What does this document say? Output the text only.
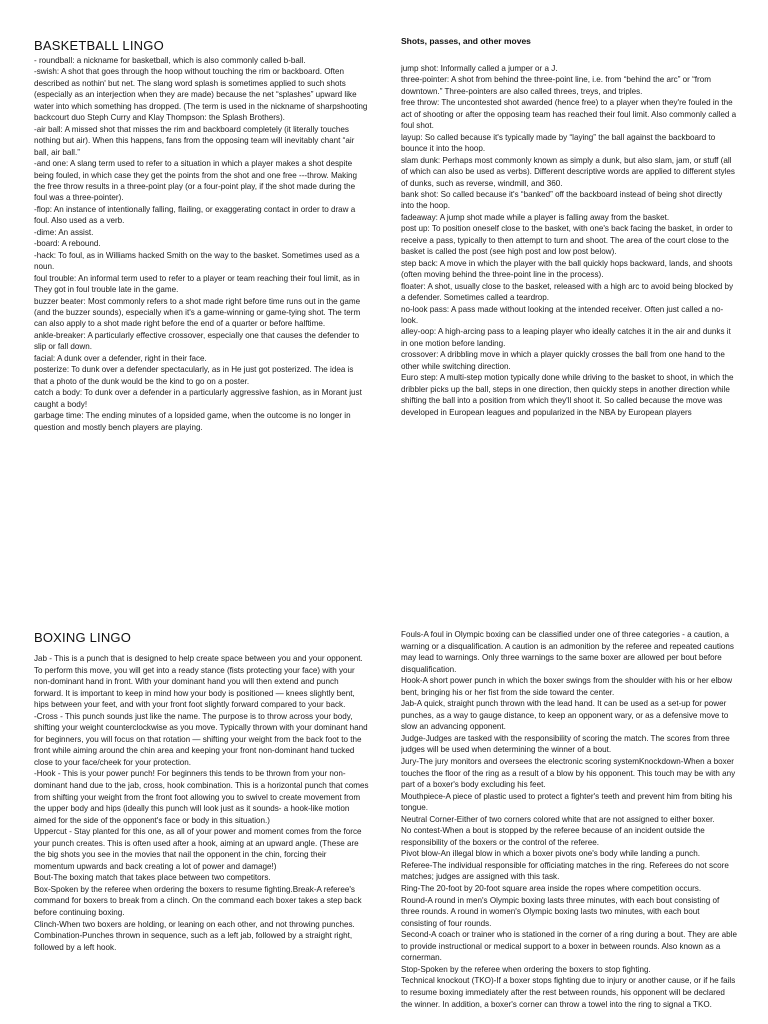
BASKETBALL LINGO

- roundball: a nickname for basketball, which is also commonly called b-ball.

-swish: A shot that goes through the hoop without touching the rim or backboard. Often described as nothin' but net. The slang word splash is sometimes applied to such shots (especially as an interjection when they are made) because the net “splashes” upward like water into which something has dropped. (The term is used in the nickname of sharpshooting backcourt duo Steph Curry and Klay Thompson: the Splash Brothers).

-air ball: A missed shot that misses the rim and backboard completely (it literally touches nothing but air). When this happens, fans from the opposing team will inevitably chant “air ball, air ball.”

-and one: A slang term used to refer to a situation in which a player makes a shot despite being fouled, in which case they get the points from the shot and one free ---throw. Making the free throw results in a three-point play (or a four-point play, if the shot made during the foul was a three-pointer).

-flop: An instance of intentionally falling, flailing, or exaggerating contact in order to draw a foul. Also used as a verb.

-dime: An assist.

-board: A rebound.

-hack: To foul, as in Williams hacked Smith on the way to the basket. Sometimes used as a noun.

foul trouble: An informal term used to refer to a player or team reaching their foul limit, as in They got in foul trouble late in the game.

buzzer beater: Most commonly refers to a shot made right before time runs out in the game (and the buzzer sounds), especially when it's a game-winning or game-tying shot. The term can also apply to a shot made right before the end of a quarter or before halftime.

ankle-breaker: A particularly effective crossover, especially one that causes the defender to slip or fall down.

facial: A dunk over a defender, right in their face.

posterize: To dunk over a defender spectacularly, as in He just got posterized. The idea is that a photo of the dunk would be the kind to go on a poster.

catch a body: To dunk over a defender in a particularly aggressive fashion, as in Morant just caught a body!

garbage time: The ending minutes of a lopsided game, when the outcome is no longer in question and mostly bench players are playing.

Shots, passes, and other moves

jump shot: Informally called a jumper or a J.

three-pointer: A shot from behind the three-point line, i.e. from “behind the arc” or “from downtown.” Three-pointers are also called threes, treys, and triples.

free throw: The uncontested shot awarded (hence free) to a player when they're fouled in the act of shooting or after the opposing team has reached their foul limit. Also commonly called a foul shot.

layup: So called because it's typically made by “laying” the ball against the backboard to bounce it into the hoop.

slam dunk: Perhaps most commonly known as simply a dunk, but also slam, jam, or stuff (all of which can also be used as verbs). Different descriptive words are applied to different styles of dunks, such as reverse, windmill, and 360.

bank shot: So called because it's “banked” off the backboard instead of being shot directly into the hoop.

fadeaway: A jump shot made while a player is falling away from the basket.

post up: To position oneself close to the basket, with one's back facing the basket, in order to receive a pass, typically to then attempt to turn and shoot. The area of the court close to the basket is called the post (see high post and low post below).

step back: A move in which the player with the ball quickly hops backward, lands, and shoots (often moving behind the three-point line in the process).

floater: A shot, usually close to the basket, released with a high arc to avoid being blocked by a defender. Sometimes called a teardrop.

no-look pass: A pass made without looking at the intended receiver. Often just called a no-look.

alley-oop: A high-arcing pass to a leaping player who ideally catches it in the air and dunks it in one motion before landing.

crossover: A dribbling move in which a player quickly crosses the ball from one hand to the other while switching direction.

Euro step: A multi-step motion typically done while driving to the basket to shoot, in which the dribbler picks up the ball, steps in one direction, then quickly steps in another direction while shifting the ball into a position from which they'll shoot it. So called because the move was developed in European leagues and popularized in the NBA by European players

BOXING LINGO

Jab - This is a punch that is designed to help create space between you and your opponent. To perform this move, you will get into a ready stance (fists protecting your face) with your non-dominant hand in front. With your dominant hand you will then extend and punch forward. It is important to keep in mind how your body is positioned — knees slightly bent, hips between your feet, and with your front foot slightly forward compared to your back.

-Cross - This punch sounds just like the name. The purpose is to throw across your body, shifting your weight counterclockwise as you move. Typically thrown with your dominant hand for beginners, you will focus on that rotation — shifting your weight from the back foot to the front while aiming around the chin area and keeping your front non-dominant hand tucked close to your face/cheek for your protection.

-Hook - This is your power punch! For beginners this tends to be thrown from your non-dominant hand due to the jab, cross, hook combination. This is a horizontal punch that comes from shifting your weight from the front foot allowing you to swivel to create movement from the upper body and hips (ideally this punch will look just as it sounds- a hook-like motion aimed for the side of the opponent's face or body in this situation.)

Uppercut - Stay planted for this one, as all of your power and moment comes from the force your punch creates. This is often used after a hook, aiming at an upward angle. (These are the big shots you see in the movies that nail the opponent in the chin, forcing their momentum upwards and back creating a lot of power and damage!)

Bout-The boxing match that takes place between two competitors.

Box-Spoken by the referee when ordering the boxers to resume fighting.Break-A referee's command for boxers to break from a clinch. On the command each boxer takes a step back before continuing boxing.

Clinch-When two boxers are holding, or leaning on each other, and not throwing punches.

Combination-Punches thrown in sequence, such as a left jab, followed by a straight right, followed by a left hook.

Fouls-A foul in Olympic boxing can be classified under one of three categories - a caution, a warning or a disqualification. A caution is an admonition by the referee and repeated cautions may lead to warnings. Only three warnings to the same boxer are allowed per bout before disqualification.

Hook-A short power punch in which the boxer swings from the shoulder with his or her elbow bent, bringing his or her fist from the side toward the center.

Jab-A quick, straight punch thrown with the lead hand. It can be used as a set-up for power punches, as a way to gauge distance, to keep an opponent wary, or as a defensive move to slow an advancing opponent.

Judge-Judges are tasked with the responsibility of scoring the match. The scores from three judges will be used when determining the winner of a bout.

Jury-The jury monitors and oversees the electronic scoring systemKnockdown-When a boxer touches the floor of the ring as a result of a blow by his opponent. This touch may be with any part of a boxer's body excluding his feet.

Mouthpiece-A piece of plastic used to protect a fighter's teeth and prevent him from biting his tongue.

Neutral Corner-Either of two corners colored white that are not assigned to either boxer.

No contest-When a bout is stopped by the referee because of an incident outside the responsibility of the boxers or the control of the referee.

Pivot blow-An illegal blow in which a boxer pivots one's body while landing a punch.

Referee-The individual responsible for officiating matches in the ring. Referees do not score matches; judges are assigned with this task.

Ring-The 20-foot by 20-foot square area inside the ropes where competition occurs.

Round-A round in men's Olympic boxing lasts three minutes, with each bout consisting of three rounds. A round in women's Olympic boxing lasts two minutes, with each bout consisting of four rounds.

Second-A coach or trainer who is stationed in the corner of a ring during a bout. They are able to provide instructional or medical support to a boxer in between rounds. Also known as a cornerman.

Stop-Spoken by the referee when ordering the boxers to stop fighting.

Technical knockout (TKO)-If a boxer stops fighting due to injury or another cause, or if he fails to resume boxing immediately after the rest between rounds, his opponent will be declared the winner. In addition, a boxer's corner can throw a towel into the ring to signal a TKO.
